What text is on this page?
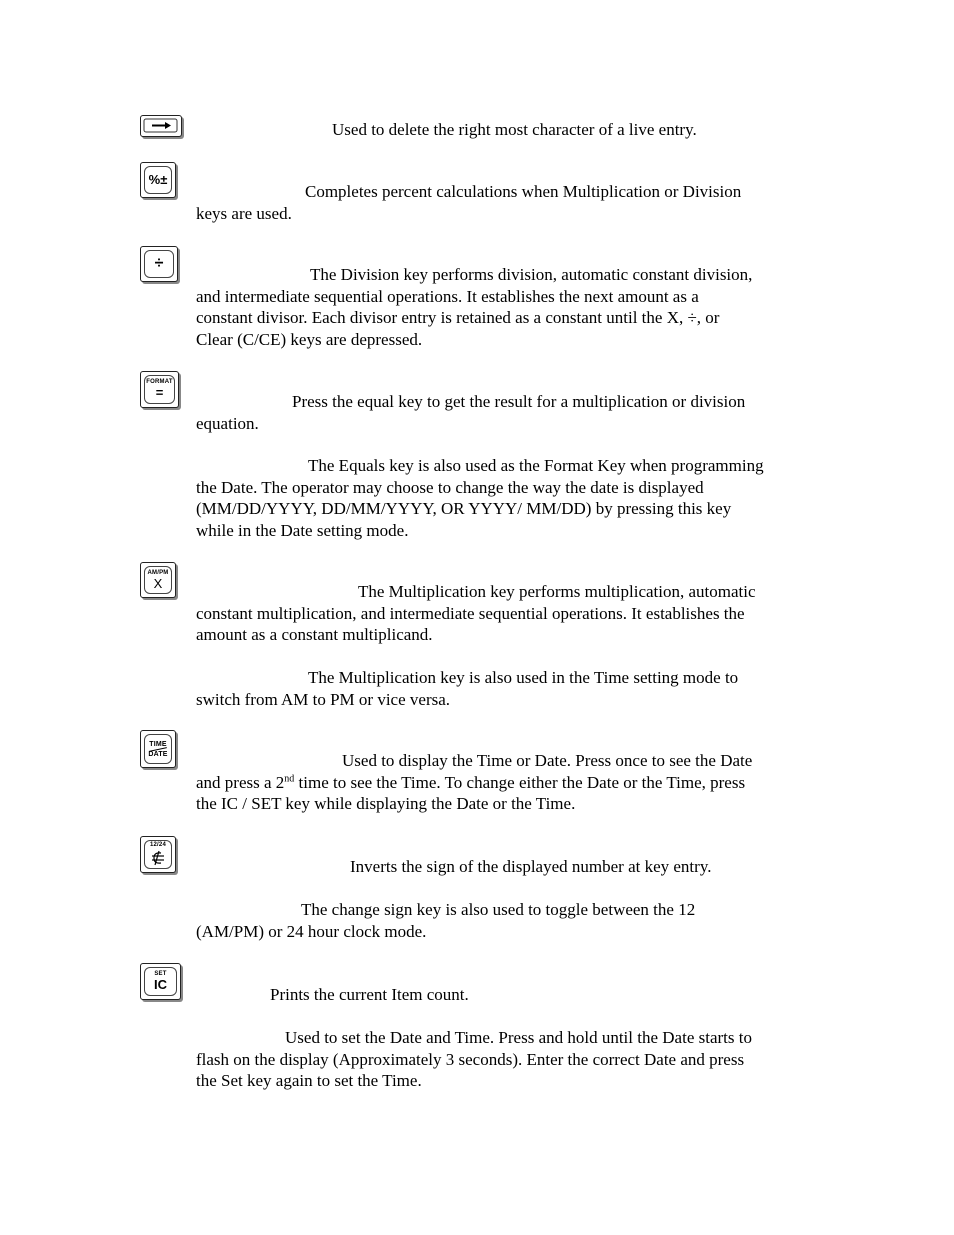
Used to delete the right most character of a live entry.
%±
Completes percent calculations when Multiplication or Division
keys are used.
÷
The Division key performs division, automatic constant division,
and intermediate sequential operations. It establishes the next amount as a
constant divisor. Each divisor entry is retained as a constant until the X, ÷, or
Clear (C/CE) keys are depressed.
FORMAT
=	Press the equal key to get the result for a multiplication or division
equation.
The Equals key is also used as the Format Key when programming
the Date. The operator may choose to change the way the date is displayed
(MM/DD/YYYY, DD/MM/YYYY, OR YYYY/ MM/DD) by pressing this key
while in the Date setting mode.
AM/PM
X	The Multiplication key performs multiplication, automatic
constant multiplication, and intermediate sequential operations. It establishes the
amount as a constant multiplicand.
The Multiplication key is also used in the Time setting mode to
switch from AM to PM or vice versa.
TIME
DATE	Used to display the Time or Date. Press once to see the Date
and press a 2nd time to see the Time. To change either the Date or the Time, press
the IC / SET key while displaying the Date or the Time.
12/24
Inverts the sign of the displayed number at key entry.
The change sign key is also used to toggle between the 12
(AM/PM) or 24 hour clock mode.
SET
IC
Prints the current Item count.
Used to set the Date and Time. Press and hold until the Date starts to
flash on the display (Approximately 3 seconds). Enter the correct Date and press
the Set key again to set the Time.
